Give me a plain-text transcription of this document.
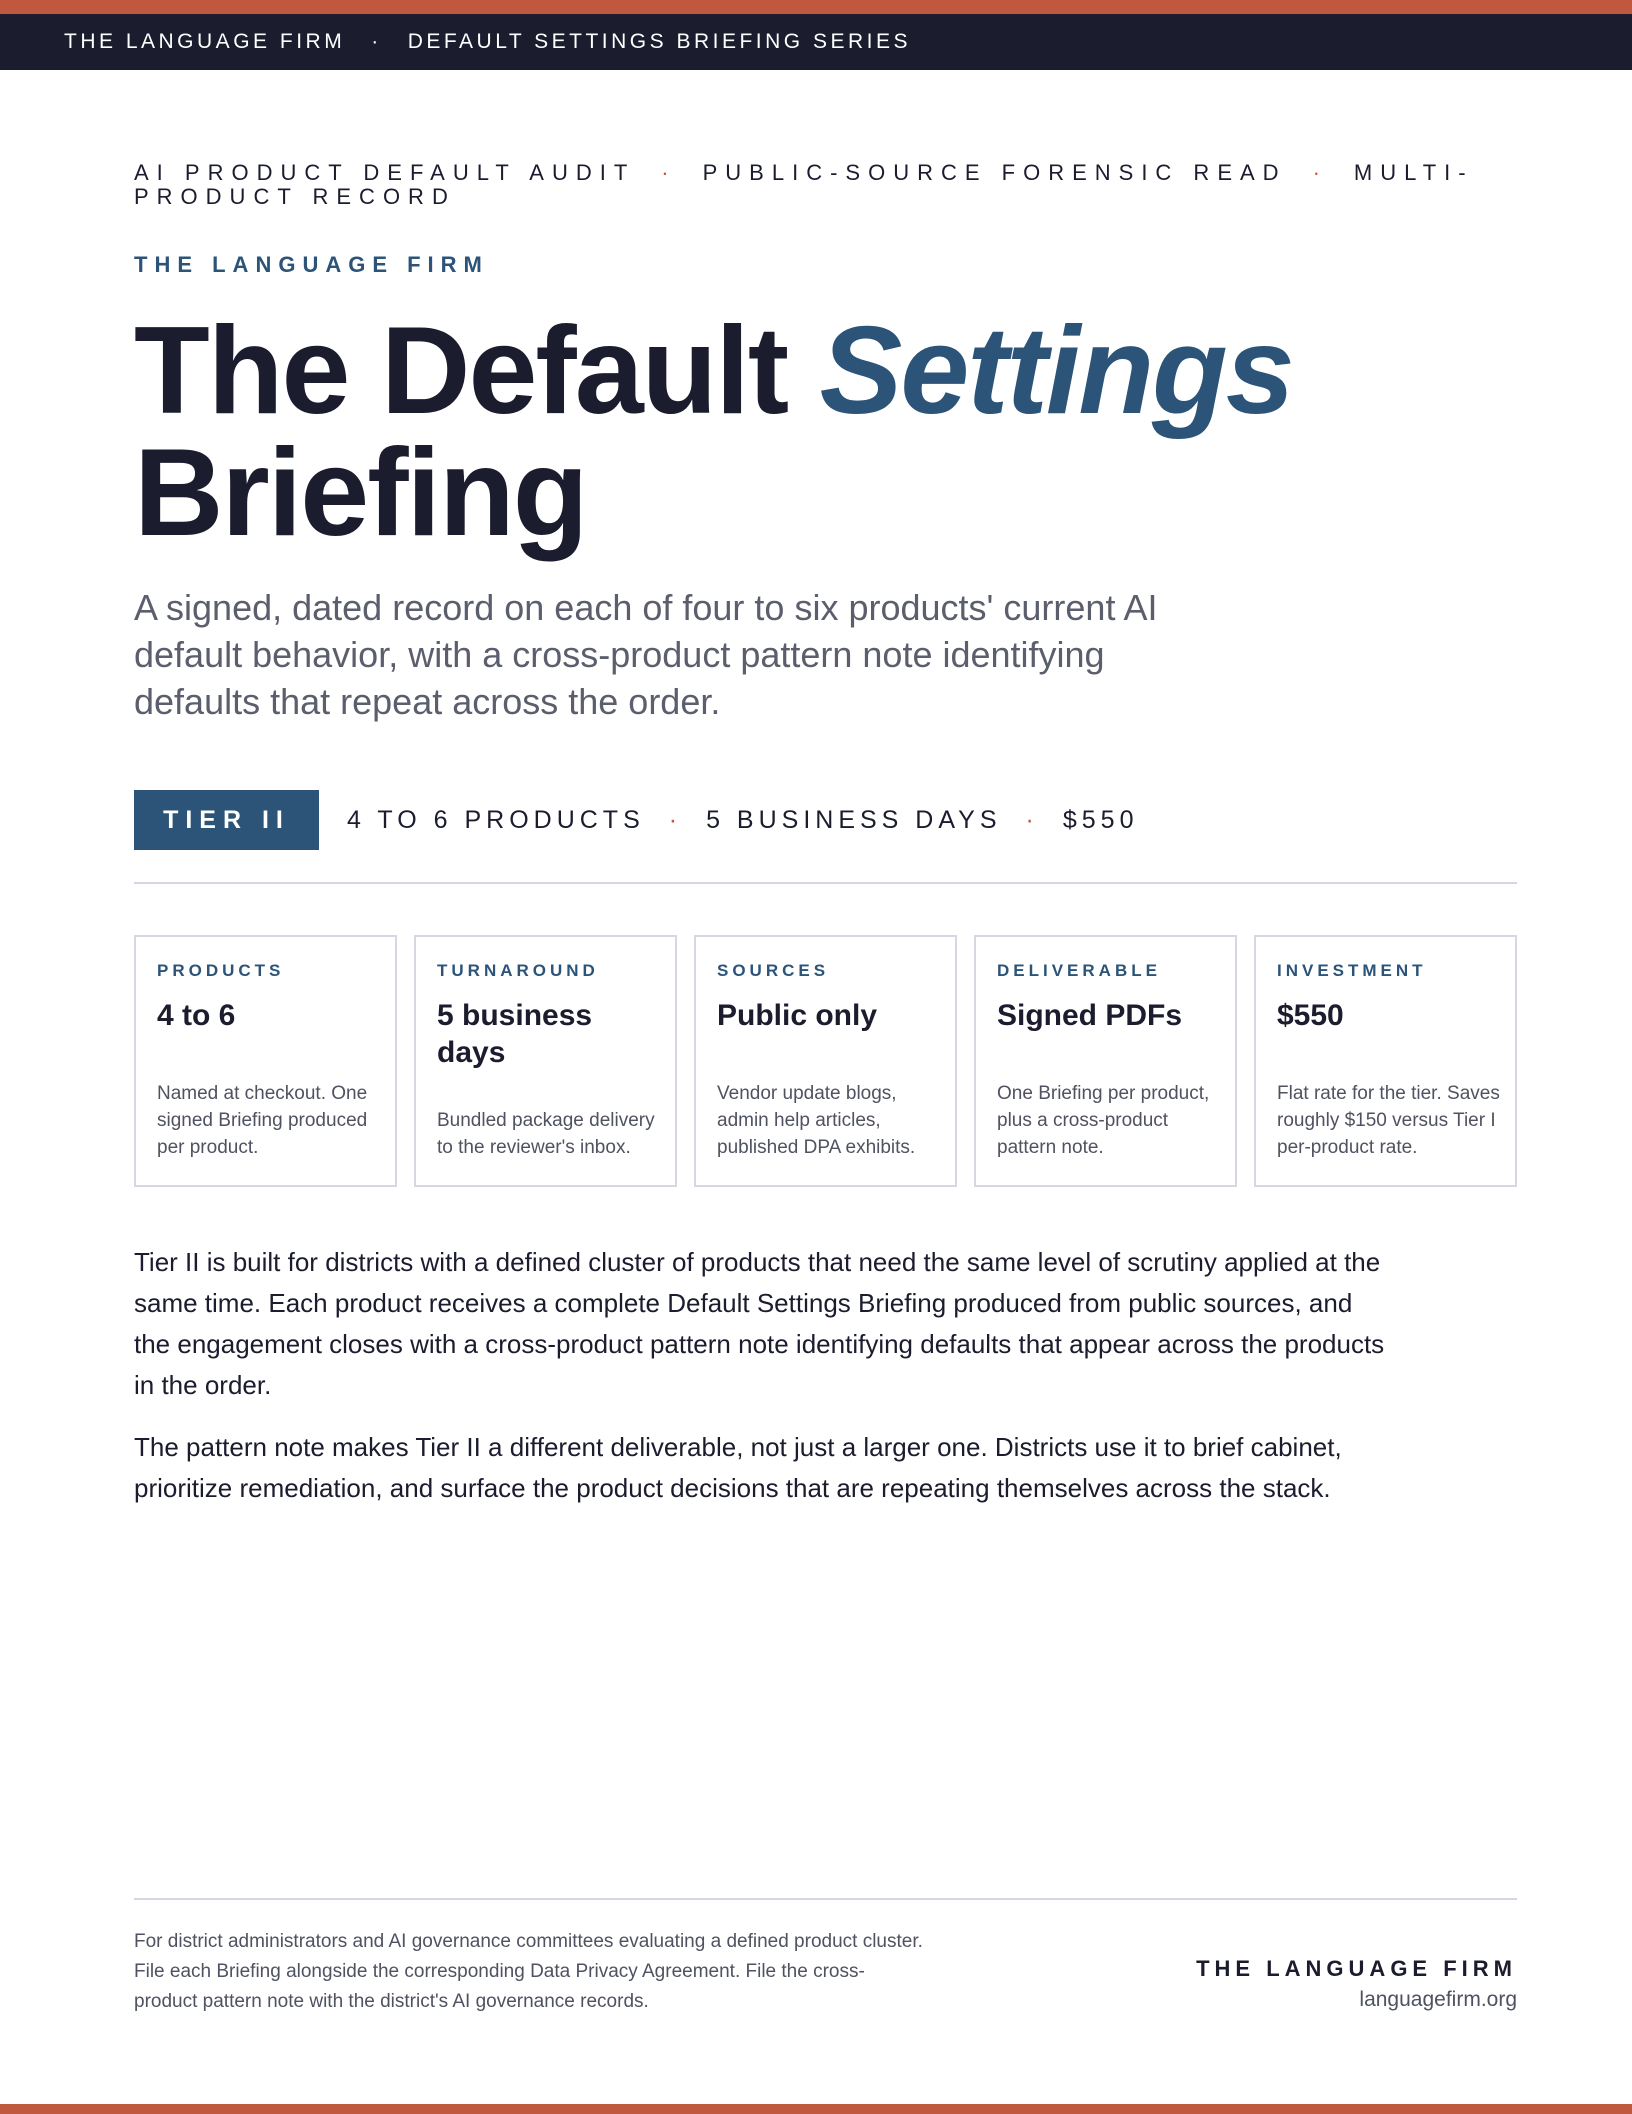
THE LANGUAGE FIRM · DEFAULT SETTINGS BRIEFING SERIES
AI PRODUCT DEFAULT AUDIT · PUBLIC-SOURCE FORENSIC READ · MULTI-PRODUCT RECORD
THE LANGUAGE FIRM
The Default Settings
Briefing

A signed, dated record on each of four to six products' current AI default behavior, with a cross-product pattern note identifying defaults that repeat across the order.

TIER II	4 TO 6 PRODUCTS · 5 BUSINESS DAYS · $550
PRODUCTS
4 to 6
Named at checkout. One signed Briefing produced per product.
TURNAROUND
5 business days
Bundled package delivery to the reviewer's inbox.
SOURCES
Public only
Vendor update blogs, admin help articles, published DPA exhibits.
DELIVERABLE
Signed PDFs
One Briefing per product, plus a cross-product pattern note.
INVESTMENT
$550
Flat rate for the tier. Saves roughly $150 versus Tier I per-product rate.

Tier II is built for districts with a defined cluster of products that need the same level of scrutiny applied at the same time. Each product receives a complete Default Settings Briefing produced from public sources, and the engagement closes with a cross-product pattern note identifying defaults that appear across the products in the order.

The pattern note makes Tier II a different deliverable, not just a larger one. Districts use it to brief cabinet, prioritize remediation, and surface the product decisions that are repeating themselves across the stack.

For district administrators and AI governance committees evaluating a defined product cluster. File each Briefing alongside the corresponding Data Privacy Agreement. File the cross-product pattern note with the district's AI governance records.

THE LANGUAGE FIRM
languagefirm.org
